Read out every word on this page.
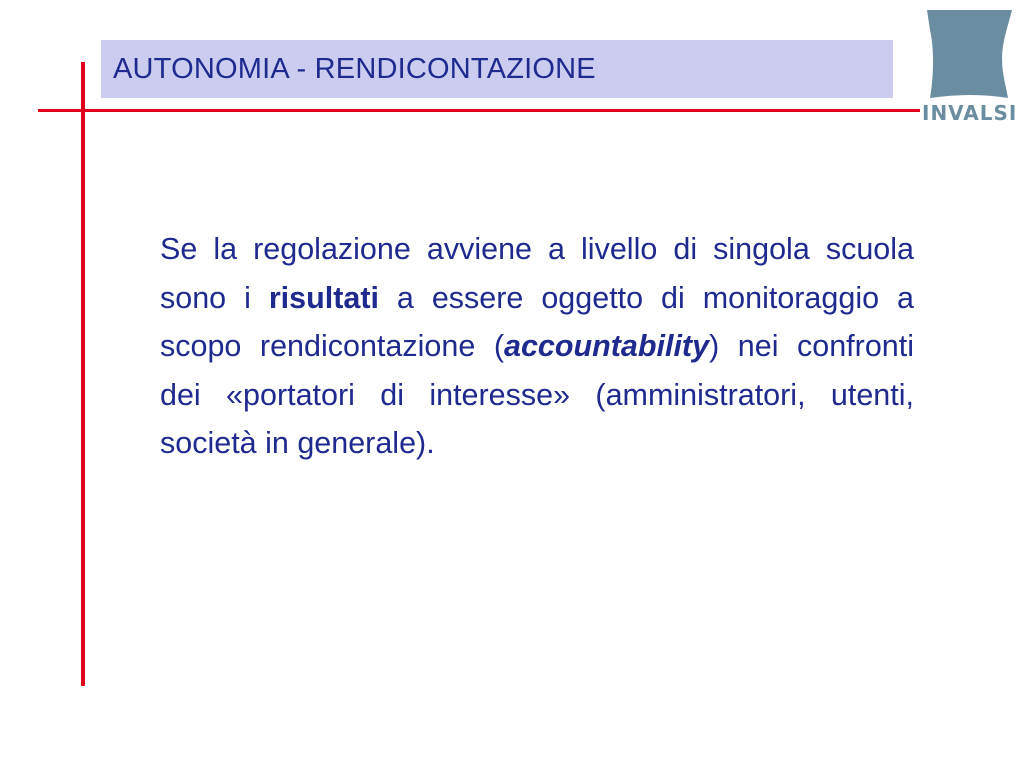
AUTONOMIA - RENDICONTAZIONE
INVALSI

Se la regolazione avviene a livello di singola scuola sono i risultati a essere oggetto di monitoraggio a scopo rendicontazione (accountability) nei confronti dei «portatori di interesse» (amministratori, utenti, società in generale).
